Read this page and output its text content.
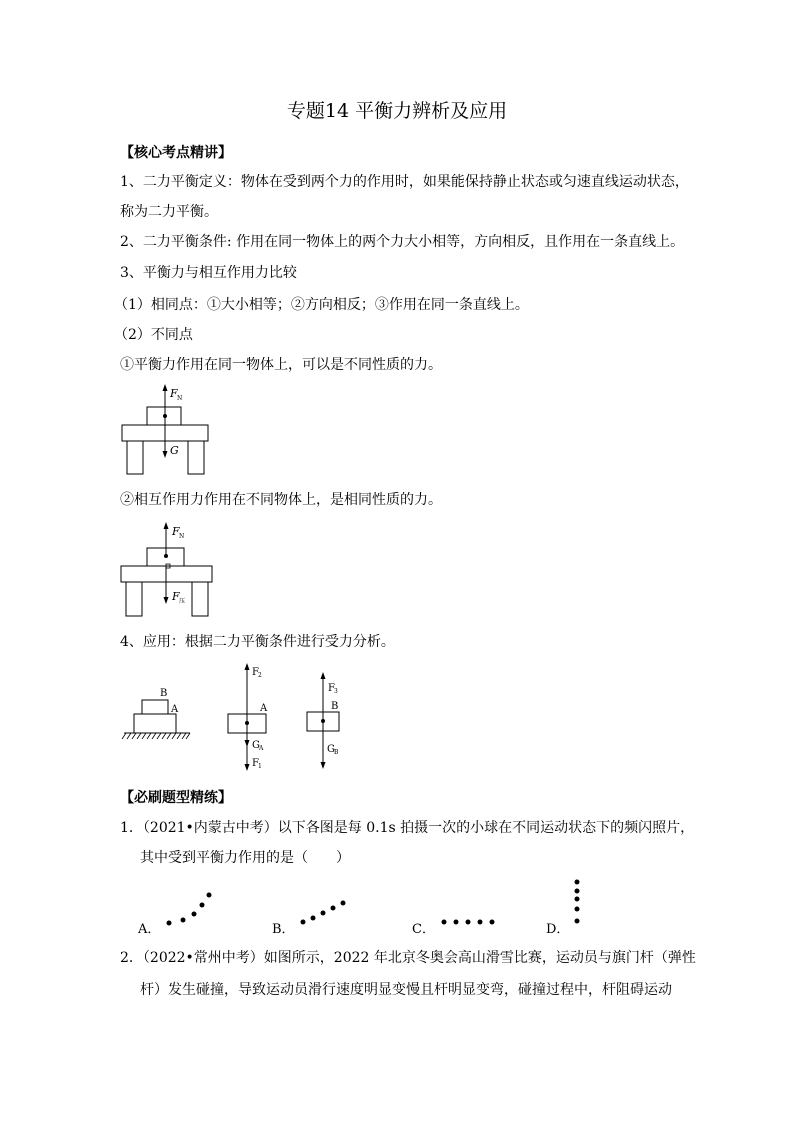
专题14 平衡力辨析及应用
【核心考点精讲】
1、二力平衡定义：物体在受到两个力的作用时，如果能保持静止状态或匀速直线运动状态，
称为二力平衡。
2、二力平衡条件: 作用在同一物体上的两个力大小相等，方向相反，且作用在一条直线上。
3、平衡力与相互作用力比较
（1）相同点：①大小相等；②方向相反；③作用在同一条直线上。
（2）不同点
①平衡力作用在同一物体上，可以是不同性质的力。
F N
G
②相互作用力作用在不同物体上，是相同性质的力。
F N
F 压
4、应用：根据二力平衡条件进行受力分析。
B
A
F 2
A
G A
F 1
F 3
B
G B
【必刷题型精练】
1．（2021•内蒙古中考）以下各图是每 0.1s 拍摄一次的小球在不同运动状态下的频闪照片，
其中受到平衡力作用的是（　　）
A．	B．	C．	D．
2．（2022•常州中考）如图所示，2022 年北京冬奥会高山滑雪比赛，运动员与旗门杆（弹性
杆）发生碰撞，导致运动员滑行速度明显变慢且杆明显变弯，碰撞过程中，杆阻碍运动
